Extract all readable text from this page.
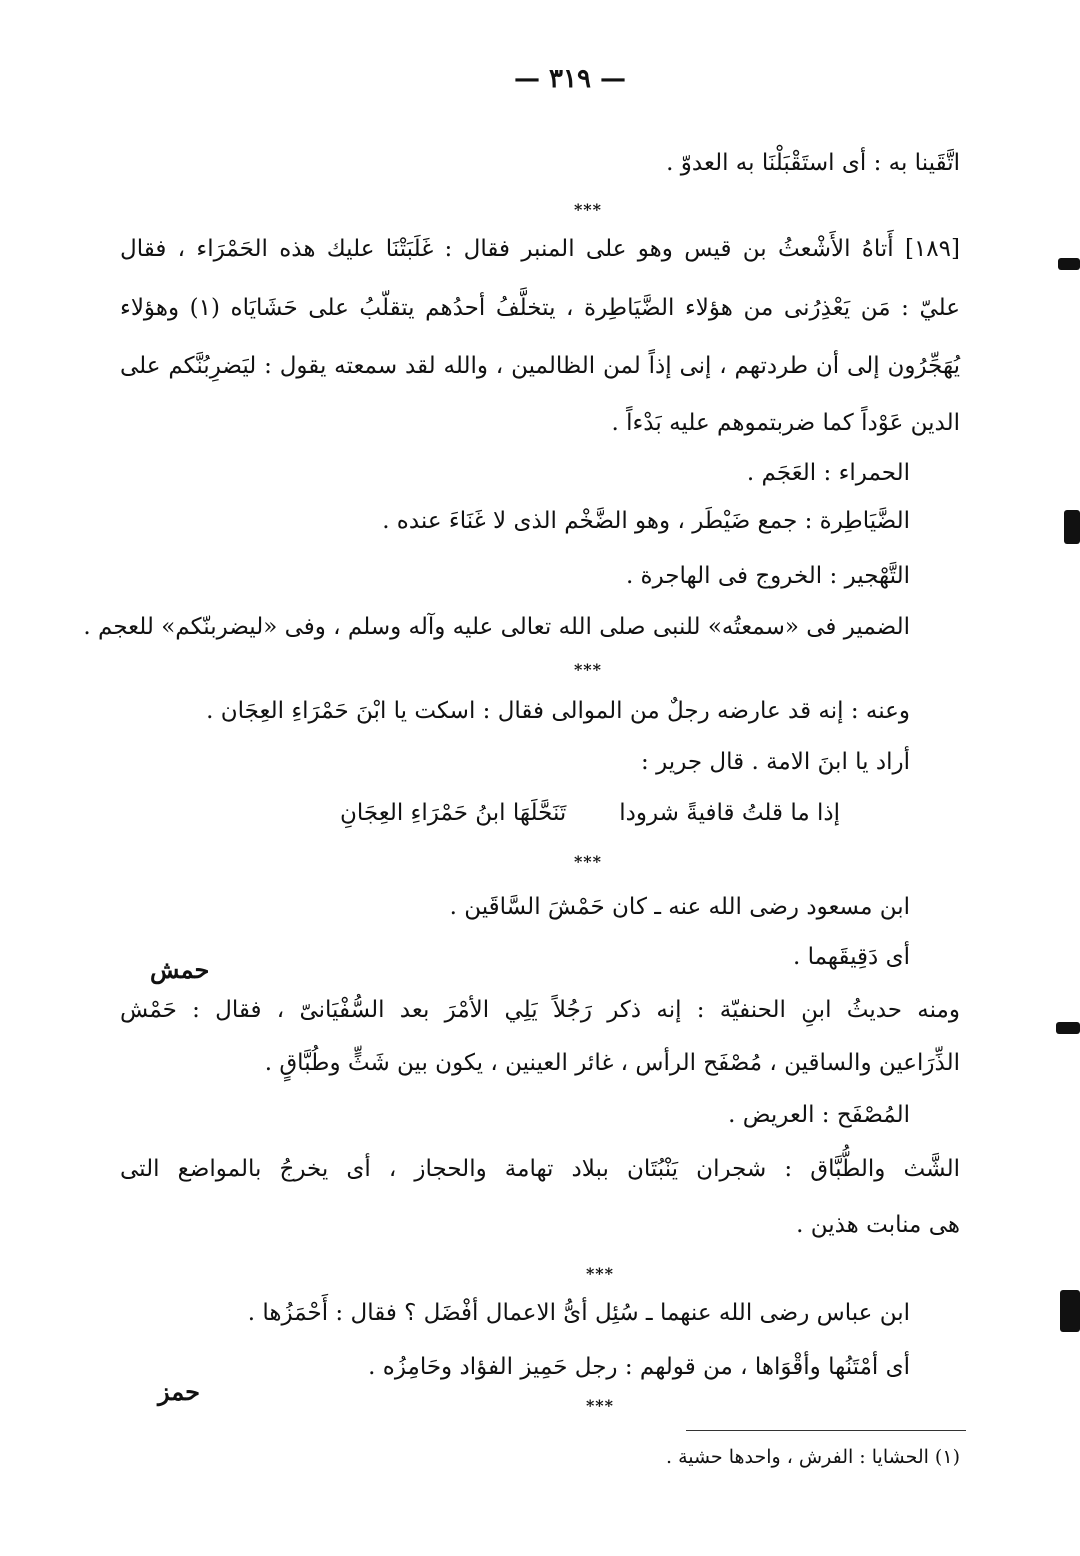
— ٣١٩ —
اتَّقَينا به : أى استَقْبَلْنَا به العدوّ .
***
[١٨٩] أَتاهُ الأَشْعثُ بن قيس وهو على المنبر فقال : غَلَبَتْنَا عليك هذه الحَمْرَاء ، فقال
عليّ : مَن يَعْذِرُنى من هؤلاء الضَّيَاطِرة ، يتخلَّفُ أحدُهم يتقلّبُ على حَشَايَاه (١) وهؤلاء
يُهَجِّرُون إلى أن طردتهم ، إنى إذاً لمن الظالمين ، والله لقد سمعته يقول : ليَضرِبُنَّكم على
الدين عَوْداً كما ضربتموهم عليه بَدْءاً .
الحمراء : العَجَم .
الضَّيَاطِرة : جمع ضَيْطَر ، وهو الضَّخْم الذى لا غَنَاءَ عنده .
التَّهْجير : الخروج فى الهاجرة .
الضمير فى «سمعتُه» للنبى صلى الله تعالى عليه وآله وسلم ، وفى «ليضربنّكم» للعجم .
***
وعنه : إنه قد عارضه رجلٌ من الموالى فقال : اسكت يا ابْنَ حَمْرَاءِ العِجَان .
أراد يا ابنَ الامة . قال جرير :
إذا ما قلتُ قافيةً شرودا
تَنَحَّلَهَا ابنُ حَمْرَاءِ العِجَانِ
***
ابن مسعود رضى الله عنه ـ كان حَمْشَ السَّاقَين .
أى دَقِيقَهما .
حمش
ومنه حديثُ ابنِ الحنفيّة : إنه ذكر رَجُلاً يَلِي الأمْرَ بعد السُّفْيَانىّ ، فقال : حَمْش
الذِّرَاعين والساقين ، مُصْفَح الرأس ، غائر العينين ، يكون بين شَثٍّ وطُبَّاقٍ .
المُصْفَح : العريض .
الشَّث والطُّبَّاق : شجران يَنْبُتَان ببلاد تهامة والحجاز ، أى يخرجُ بالمواضع التى
هى منابت هذين .
***
ابن عباس رضى الله عنهما ـ سُئِل أىُّ الاعمال أفْضَل ؟ فقال : أَحْمَزُها .
أى أمْتَنُها وأقْوَاها ، من قولهم : رجل حَمِيز الفؤاد وحَامِزُه .
حمز	***
(١) الحشايا : الفرش ، واحدها حشية .
